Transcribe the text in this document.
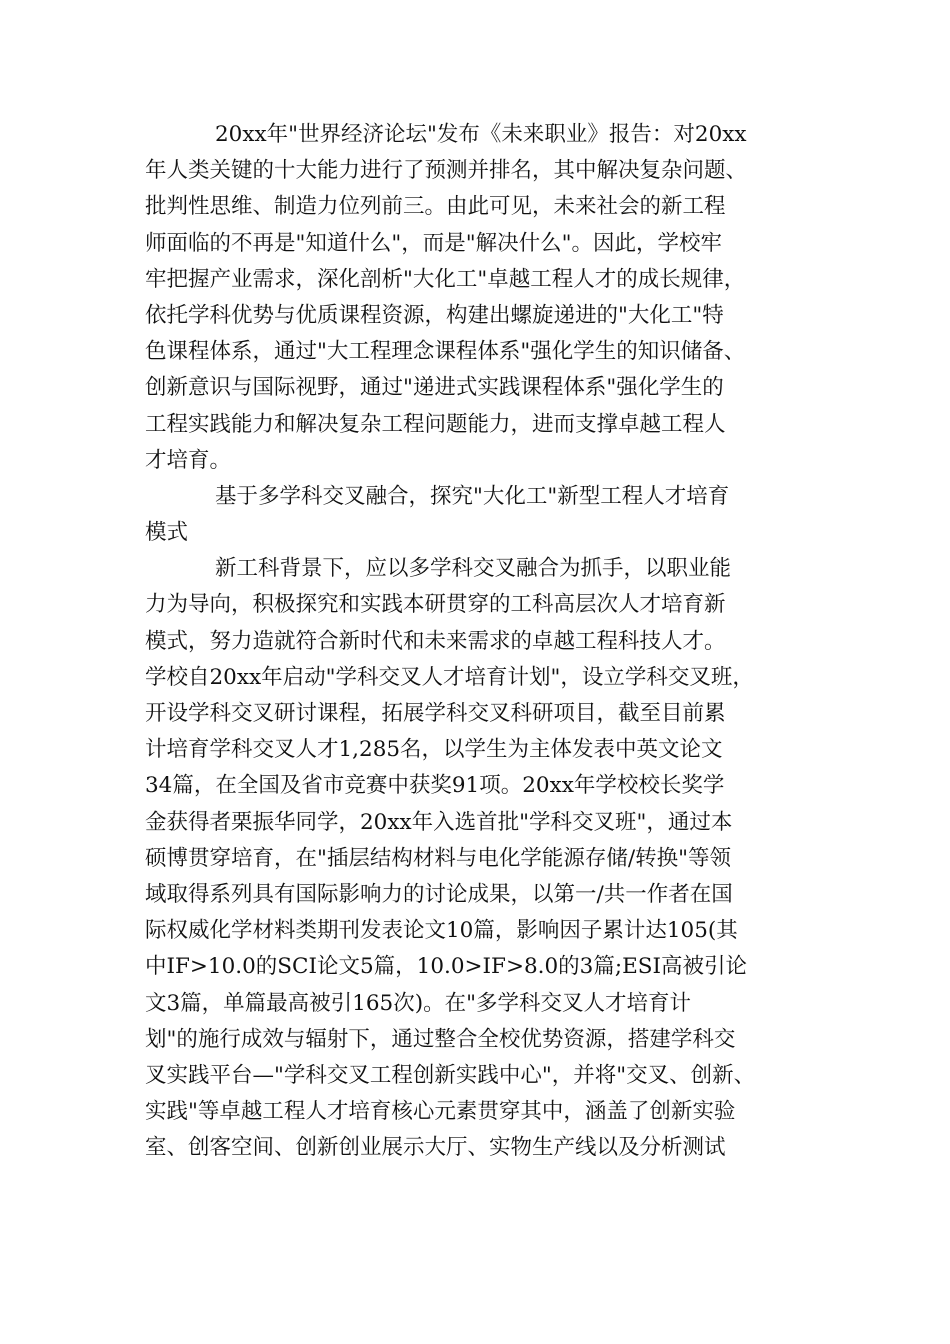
20xx年"世界经济论坛"发布《未来职业》报告：对20xx
年人类关键的十大能力进行了预测并排名，其中解决复杂问题、
批判性思维、制造力位列前三。由此可见，未来社会的新工程
师面临的不再是"知道什么"，而是"解决什么"。因此，学校牢
牢把握产业需求，深化剖析"大化工"卓越工程人才的成长规律，
依托学科优势与优质课程资源，构建出螺旋递进的"大化工"特
色课程体系，通过"大工程理念课程体系"强化学生的知识储备、
创新意识与国际视野，通过"递进式实践课程体系"强化学生的
工程实践能力和解决复杂工程问题能力，进而支撑卓越工程人
才培育。
基于多学科交叉融合，探究"大化工"新型工程人才培育
模式
新工科背景下，应以多学科交叉融合为抓手，以职业能
力为导向，积极探究和实践本研贯穿的工科高层次人才培育新
模式，努力造就符合新时代和未来需求的卓越工程科技人才。
学校自20xx年启动"学科交叉人才培育计划"，设立学科交叉班，
开设学科交叉研讨课程，拓展学科交叉科研项目，截至目前累
计培育学科交叉人才1,285名，以学生为主体发表中英文论文
34篇，在全国及省市竞赛中获奖91项。20xx年学校校长奖学
金获得者栗振华同学，20xx年入选首批"学科交叉班"，通过本
硕博贯穿培育，在"插层结构材料与电化学能源存储/转换"等领
域取得系列具有国际影响力的讨论成果，以第一/共一作者在国
际权威化学材料类期刊发表论文10篇，影响因子累计达105(其
中IF>10.0的SCI论文5篇，10.0>IF>8.0的3篇;ESI高被引论
文3篇，单篇最高被引165次)。在"多学科交叉人才培育计
划"的施行成效与辐射下，通过整合全校优势资源，搭建学科交
叉实践平台—"学科交叉工程创新实践中心"，并将"交叉、创新、
实践"等卓越工程人才培育核心元素贯穿其中，涵盖了创新实验
室、创客空间、创新创业展示大厅、实物生产线以及分析测试
